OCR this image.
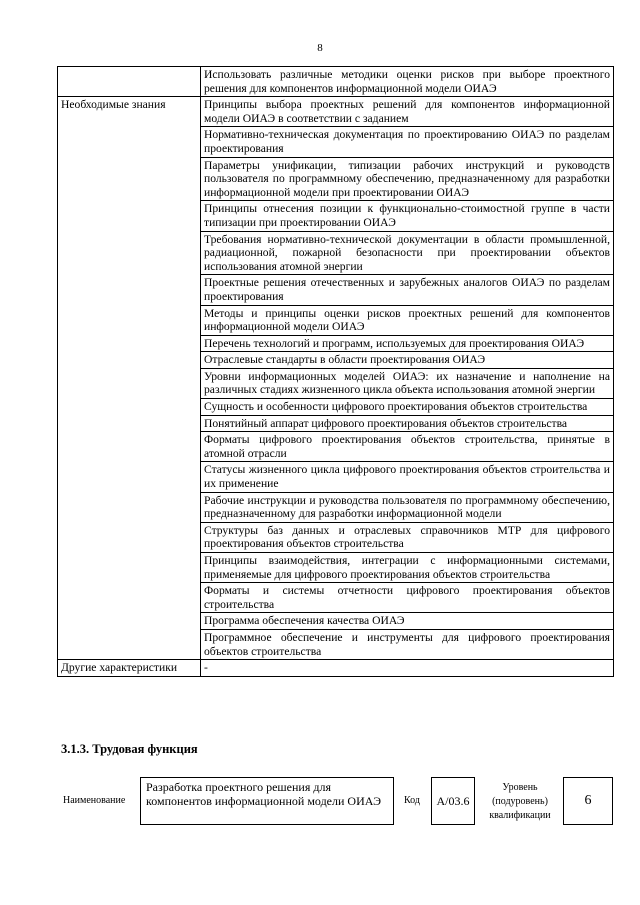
8
	Использовать различные методики оценки рисков при выборе проектного решения для компонентов информационной модели ОИАЭ
Необходимые знания	Принципы выбора проектных решений для компонентов информационной модели ОИАЭ в соответствии с заданием
	Нормативно-техническая документация по проектированию ОИАЭ по разделам проектирования
	Параметры унификации, типизации рабочих инструкций и руководств пользователя по программному обеспечению, предназначенному для разработки информационной модели при проектировании ОИАЭ
	Принципы отнесения позиции к функционально-стоимостной группе в части типизации при проектировании ОИАЭ
	Требования нормативно-технической документации в области промышленной, радиационной, пожарной безопасности при проектировании объектов использования атомной энергии
	Проектные решения отечественных и зарубежных аналогов ОИАЭ по разделам проектирования
	Методы и принципы оценки рисков проектных решений для компонентов информационной модели ОИАЭ
	Перечень технологий и программ, используемых для проектирования ОИАЭ
	Отраслевые стандарты в области проектирования ОИАЭ
	Уровни информационных моделей ОИАЭ: их назначение и наполнение на различных стадиях жизненного цикла объекта использования атомной энергии
	Сущность и особенности цифрового проектирования объектов строительства
	Понятийный аппарат цифрового проектирования объектов строительства
	Форматы цифрового проектирования объектов строительства, принятые в атомной отрасли
	Статусы жизненного цикла цифрового проектирования объектов строительства и их применение
	Рабочие инструкции и руководства пользователя по программному обеспечению, предназначенному для разработки информационной модели
	Структуры баз данных и отраслевых справочников МТР для цифрового проектирования объектов строительства
	Принципы взаимодействия, интеграции с информационными системами, применяемые для цифрового проектирования объектов строительства
	Форматы и системы отчетности цифрового проектирования объектов строительства
	Программа обеспечения качества ОИАЭ
	Программное обеспечение и инструменты для цифрового проектирования объектов строительства
Другие характеристики	-
3.1.3. Трудовая функция
Наименование
Разработка проектного решения для компонентов информационной модели ОИАЭ	Код	А/03.6
Уровень (подуровень) квалификации
6
